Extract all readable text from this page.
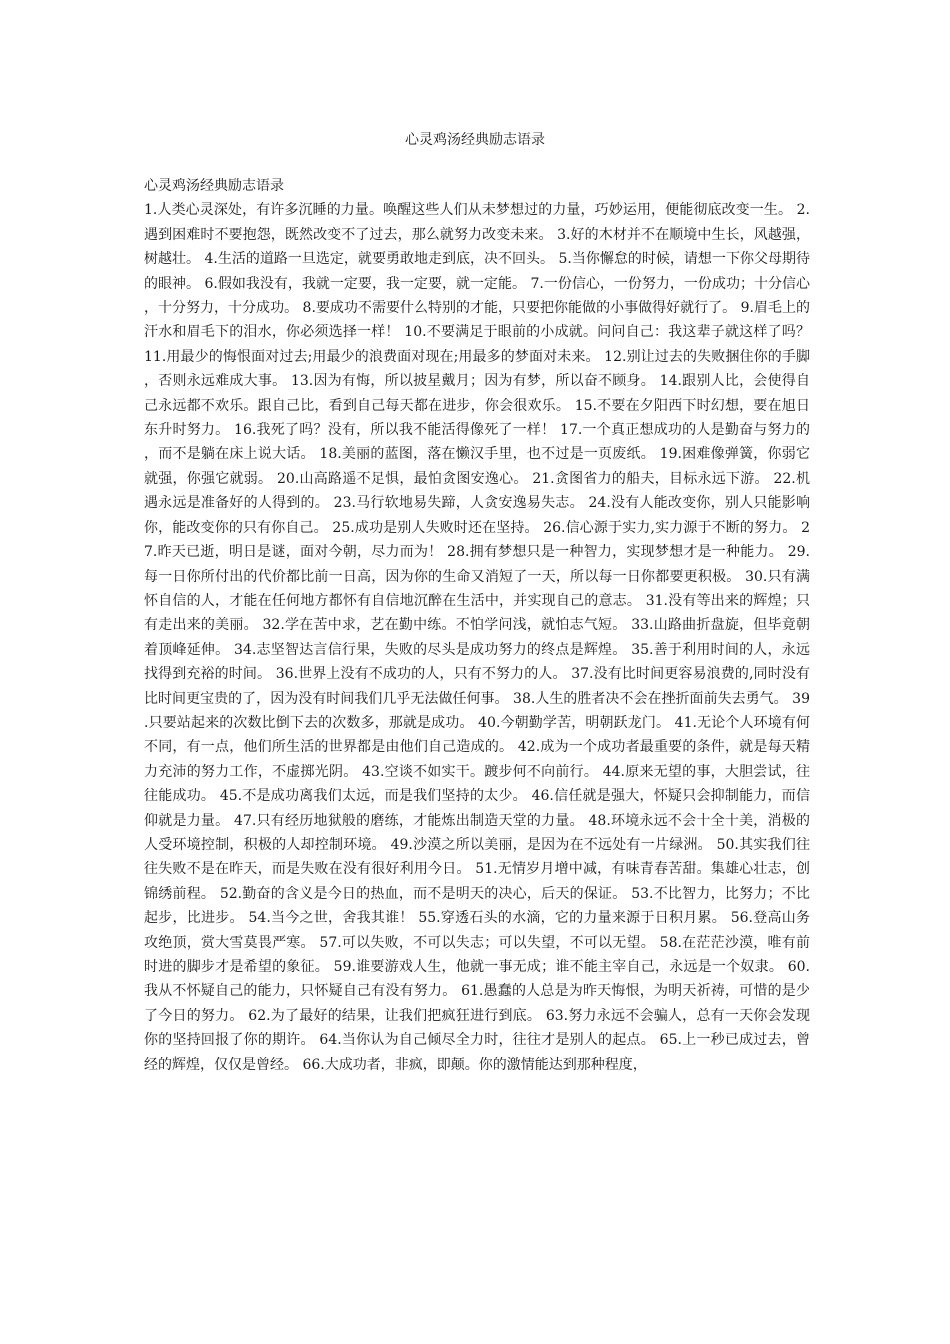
心灵鸡汤经典励志语录
心灵鸡汤经典励志语录
1.人类心灵深处，有许多沉睡的力量。唤醒这些人们从未梦想过的力量，巧妙运用，便能彻底改变一生。 2.遇到困难时不要抱怨，既然改变不了过去，那么就努力改变未来。 3.好的木材并不在顺境中生长，风越强，树越壮。 4.生活的道路一旦选定，就要勇敢地走到底，决不回头。 5.当你懈怠的时候，请想一下你父母期待的眼神。 6.假如我没有，我就一定要，我一定要，就一定能。 7.一份信心，一份努力，一份成功；十分信心，十分努力，十分成功。 8.要成功不需要什么特别的才能，只要把你能做的小事做得好就行了。 9.眉毛上的汗水和眉毛下的泪水，你必须选择一样！ 10.不要满足于眼前的小成就。问问自己：我这辈子就这样了吗？ 11.用最少的悔恨面对过去;用最少的浪费面对现在;用最多的梦面对未来。 12.别让过去的失败捆住你的手脚，否则永远难成大事。 13.因为有悔，所以披星戴月；因为有梦，所以奋不顾身。 14.跟别人比，会使得自己永远都不欢乐。跟自己比，看到自己每天都在进步，你会很欢乐。 15.不要在夕阳西下时幻想，要在旭日东升时努力。 16.我死了吗？没有，所以我不能活得像死了一样！ 17.一个真正想成功的人是勤奋与努力的，而不是躺在床上说大话。 18.美丽的蓝图，落在懒汉手里，也不过是一页废纸。 19.困难像弹簧，你弱它就强，你强它就弱。 20.山高路遥不足惧，最怕贪图安逸心。 21.贪图省力的船夫，目标永远下游。 22.机遇永远是准备好的人得到的。 23.马行软地易失蹄，人贪安逸易失志。 24.没有人能改变你，别人只能影响你，能改变你的只有你自己。 25.成功是别人失败时还在坚持。 26.信心源于实力,实力源于不断的努力。 27.昨天已逝，明日是谜，面对今朝，尽力而为！ 28.拥有梦想只是一种智力，实现梦想才是一种能力。 29.每一日你所付出的代价都比前一日高，因为你的生命又消短了一天，所以每一日你都要更积极。 30.只有满怀自信的人，才能在任何地方都怀有自信地沉醉在生活中，并实现自己的意志。 31.没有等出来的辉煌；只有走出来的美丽。 32.学在苦中求，艺在勤中练。不怕学问浅，就怕志气短。 33.山路曲折盘旋，但毕竟朝着顶峰延伸。 34.志坚智达言信行果，失败的尽头是成功努力的终点是辉煌。 35.善于利用时间的人，永远找得到充裕的时间。 36.世界上没有不成功的人，只有不努力的人。 37.没有比时间更容易浪费的,同时没有比时间更宝贵的了，因为没有时间我们几乎无法做任何事。 38.人生的胜者决不会在挫折面前失去勇气。 39.只要站起来的次数比倒下去的次数多，那就是成功。 40.今朝勤学苦，明朝跃龙门。 41.无论个人环境有何不同，有一点，他们所生活的世界都是由他们自己造成的。 42.成为一个成功者最重要的条件，就是每天精力充沛的努力工作，不虚掷光阴。 43.空谈不如实干。踱步何不向前行。 44.原来无望的事，大胆尝试，往往能成功。 45.不是成功离我们太远，而是我们坚持的太少。 46.信任就是强大，怀疑只会抑制能力，而信仰就是力量。 47.只有经历地狱般的磨练，才能炼出制造天堂的力量。 48.环境永远不会十全十美，消极的人受环境控制，积极的人却控制环境。 49.沙漠之所以美丽，是因为在不远处有一片绿洲。 50.其实我们往往失败不是在昨天，而是失败在没有很好利用今日。 51.无情岁月增中减，有味青春苦甜。集雄心壮志，创锦绣前程。 52.勤奋的含义是今日的热血，而不是明天的决心，后天的保证。 53.不比智力，比努力；不比起步，比进步。 54.当今之世，舍我其谁！ 55.穿透石头的水滴，它的力量来源于日积月累。 56.登高山务攻绝顶，赏大雪莫畏严寒。 57.可以失败，不可以失志；可以失望，不可以无望。 58.在茫茫沙漠，唯有前时进的脚步才是希望的象征。 59.谁要游戏人生，他就一事无成；谁不能主宰自己，永远是一个奴隶。 60.我从不怀疑自己的能力，只怀疑自己有没有努力。 61.愚蠢的人总是为昨天悔恨，为明天祈祷，可惜的是少了今日的努力。 62.为了最好的结果，让我们把疯狂进行到底。 63.努力永远不会骗人，总有一天你会发现你的坚持回报了你的期许。 64.当你认为自己倾尽全力时，往往才是别人的起点。 65.上一秒已成过去，曾经的辉煌，仅仅是曾经。 66.大成功者，非疯，即颠。你的激情能达到那种程度，
